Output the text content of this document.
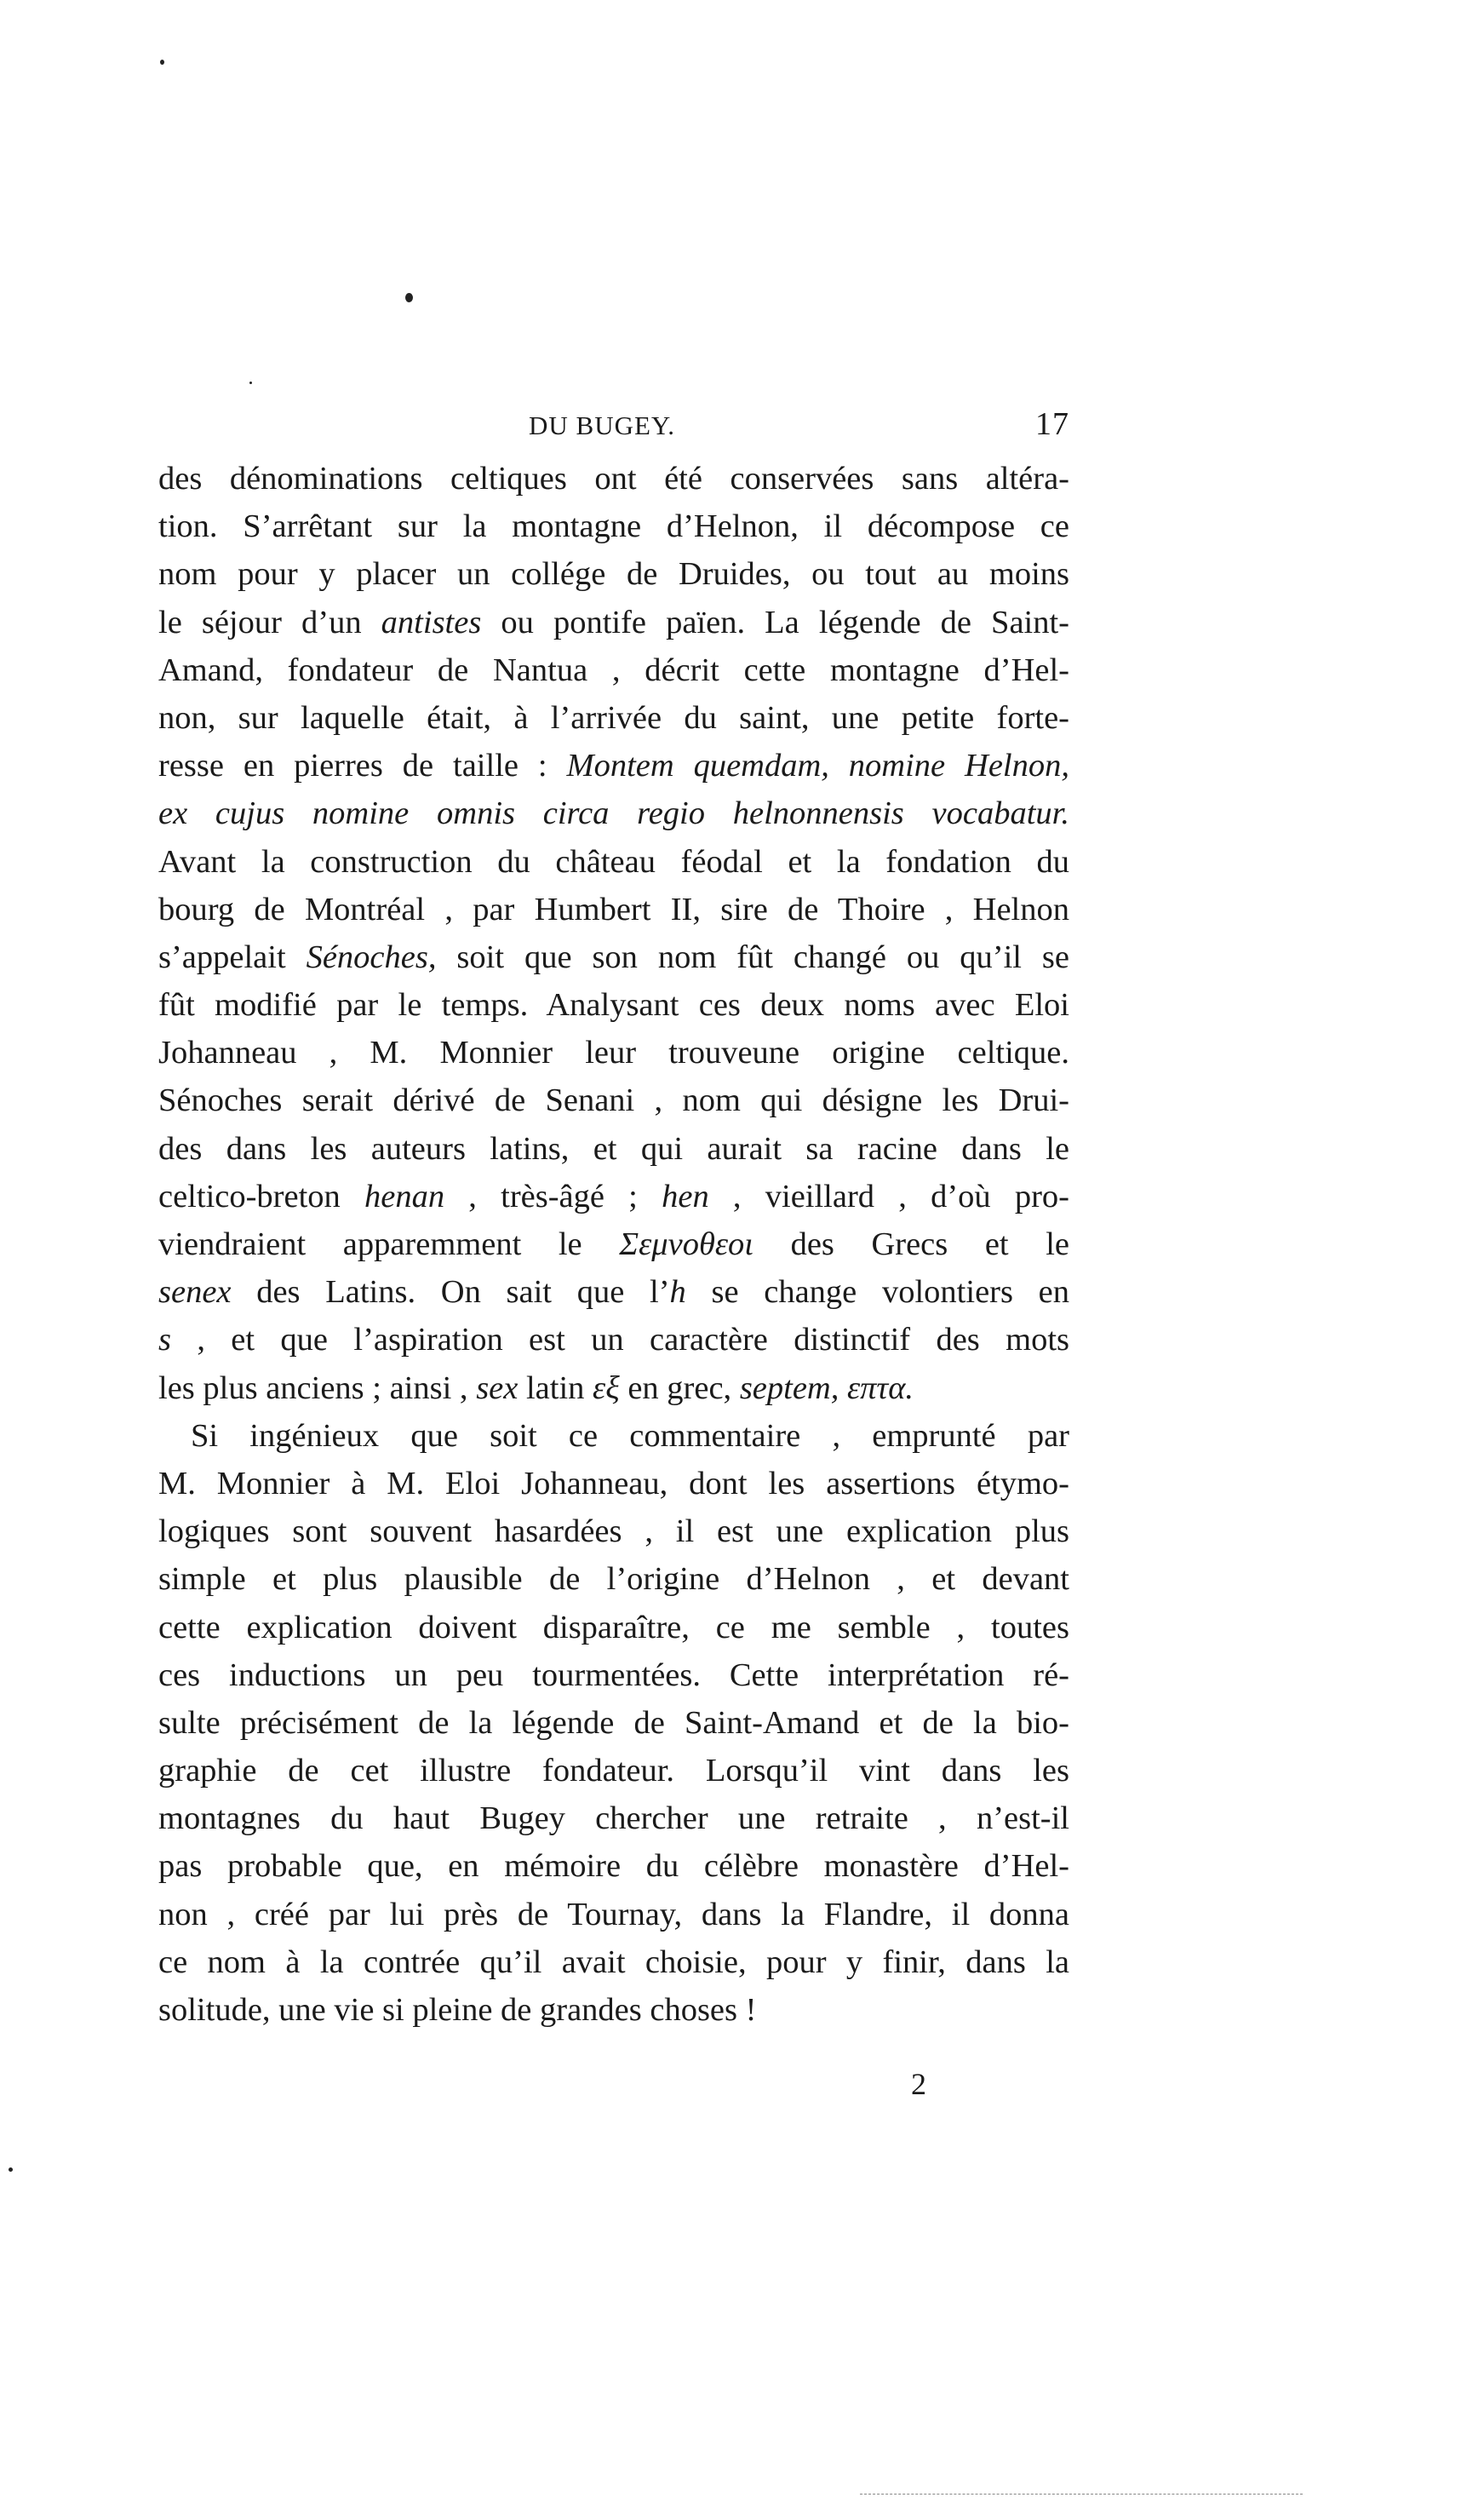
DU BUGEY.	17
des dénominations celtiques ont été conservées sans altéra-
tion. S’arrêtant sur la montagne d’Helnon, il décompose ce
nom pour y placer un collége de Druides, ou tout au moins
le séjour d’un antistes ou pontife païen. La légende de Saint-
Amand, fondateur de Nantua , décrit cette montagne d’Hel-
non, sur laquelle était, à l’arrivée du saint, une petite forte-
resse en pierres de taille : Montem quemdam, nomine Helnon,
ex cujus nomine omnis circa regio helnonnensis vocabatur.
Avant la construction du château féodal et la fondation du
bourg de Montréal , par Humbert II, sire de Thoire , Helnon
s’appelait Sénoches, soit que son nom fût changé ou qu’il se
fût modifié par le temps. Analysant ces deux noms avec Eloi
Johanneau , M. Monnier leur trouveune origine celtique.
Sénoches serait dérivé de Senani , nom qui désigne les Drui-
des dans les auteurs latins, et qui aurait sa racine dans le
celtico-breton henan , très-âgé ; hen , vieillard , d’où pro-
viendraient apparemment le Σεμνοθεοι des Grecs et le
senex des Latins. On sait que l’h se change volontiers en
s , et que l’aspiration est un caractère distinctif des mots
les plus anciens ; ainsi , sex latin εξ en grec, septem, επτα.
Si ingénieux que soit ce commentaire , emprunté par
M. Monnier à M. Eloi Johanneau, dont les assertions étymo-
logiques sont souvent hasardées , il est une explication plus
simple et plus plausible de l’origine d’Helnon , et devant
cette explication doivent disparaître, ce me semble , toutes
ces inductions un peu tourmentées. Cette interprétation ré-
sulte précisément de la légende de Saint-Amand et de la bio-
graphie de cet illustre fondateur. Lorsqu’il vint dans les
montagnes du haut Bugey chercher une retraite , n’est-il
pas probable que, en mémoire du célèbre monastère d’Hel-
non , créé par lui près de Tournay, dans la Flandre, il donna
ce nom à la contrée qu’il avait choisie, pour y finir, dans la
solitude, une vie si pleine de grandes choses !
2
